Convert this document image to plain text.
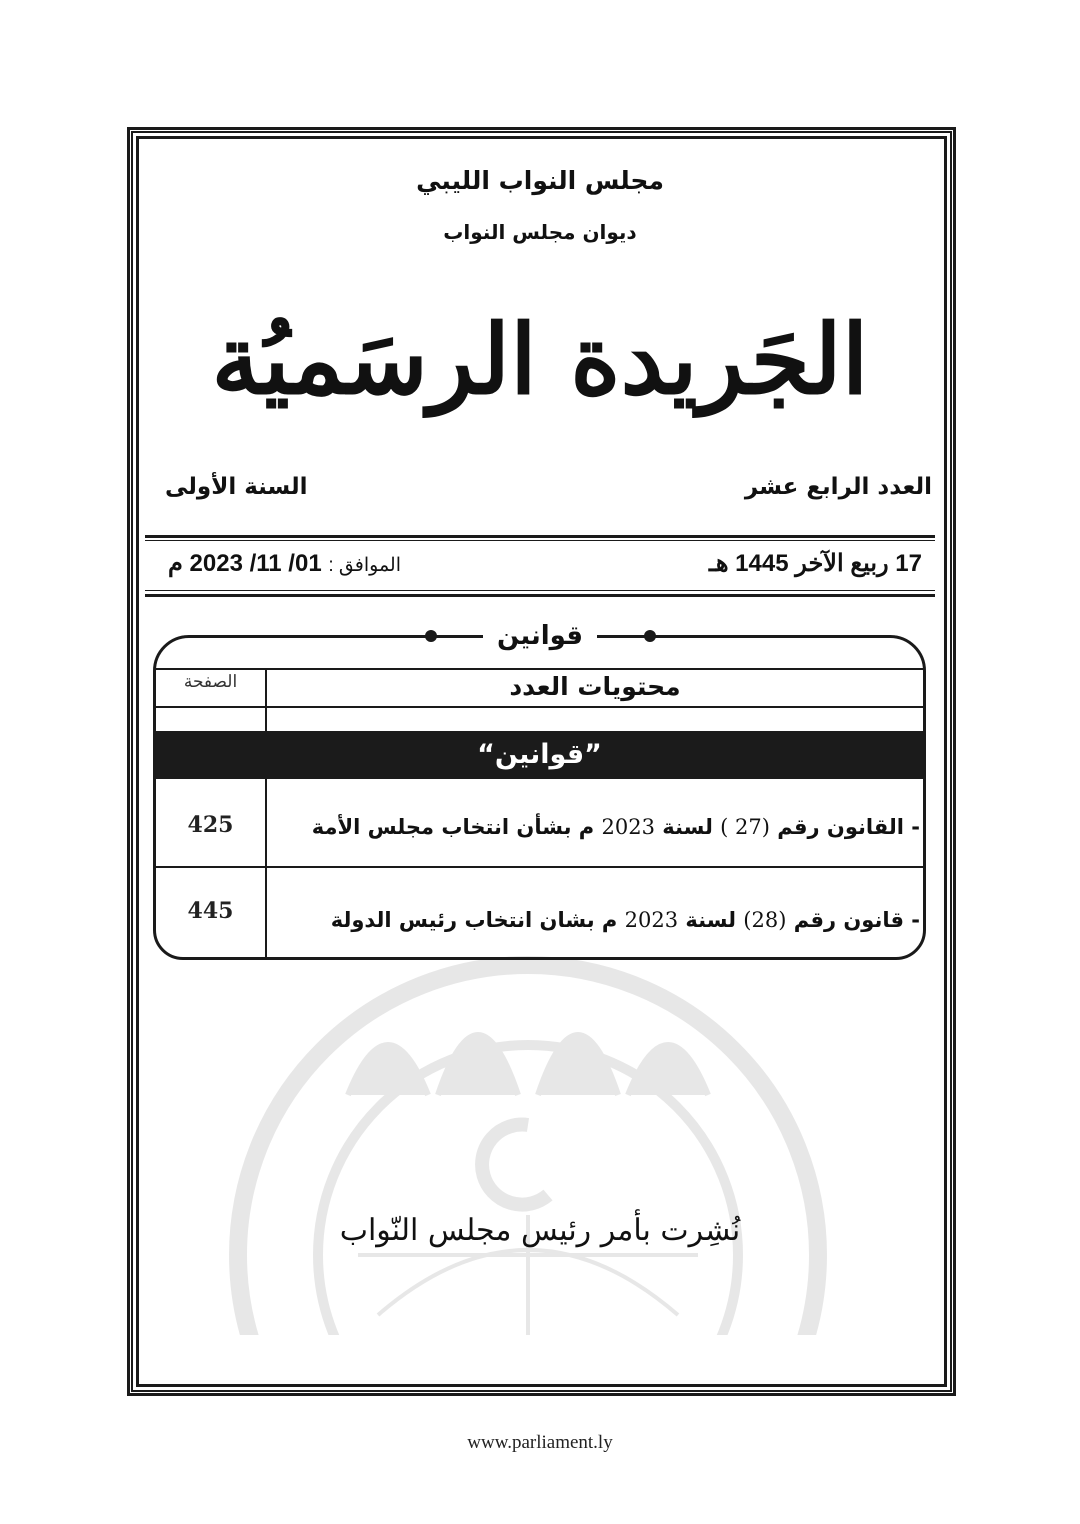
مجلس النواب الليبي
ديوان مجلس النواب
الجَريدة الرسَميُة
العدد الرابع عشر
السنة الأولى
17 ربيع الآخر 1445 هـ
الموافق : 01/ 11/ 2023 م
قوانين
محتويات العدد
الصفحة
”قوانين“
- القانون رقم (27 ) لسنة 2023 م بشأن انتخاب مجلس الأمة
425
- قانون رقم (28) لسنة 2023 م بشان انتخاب رئيس الدولة
445
نُشِرت بأمر رئيس مجلس النّواب
www.parliament.ly
